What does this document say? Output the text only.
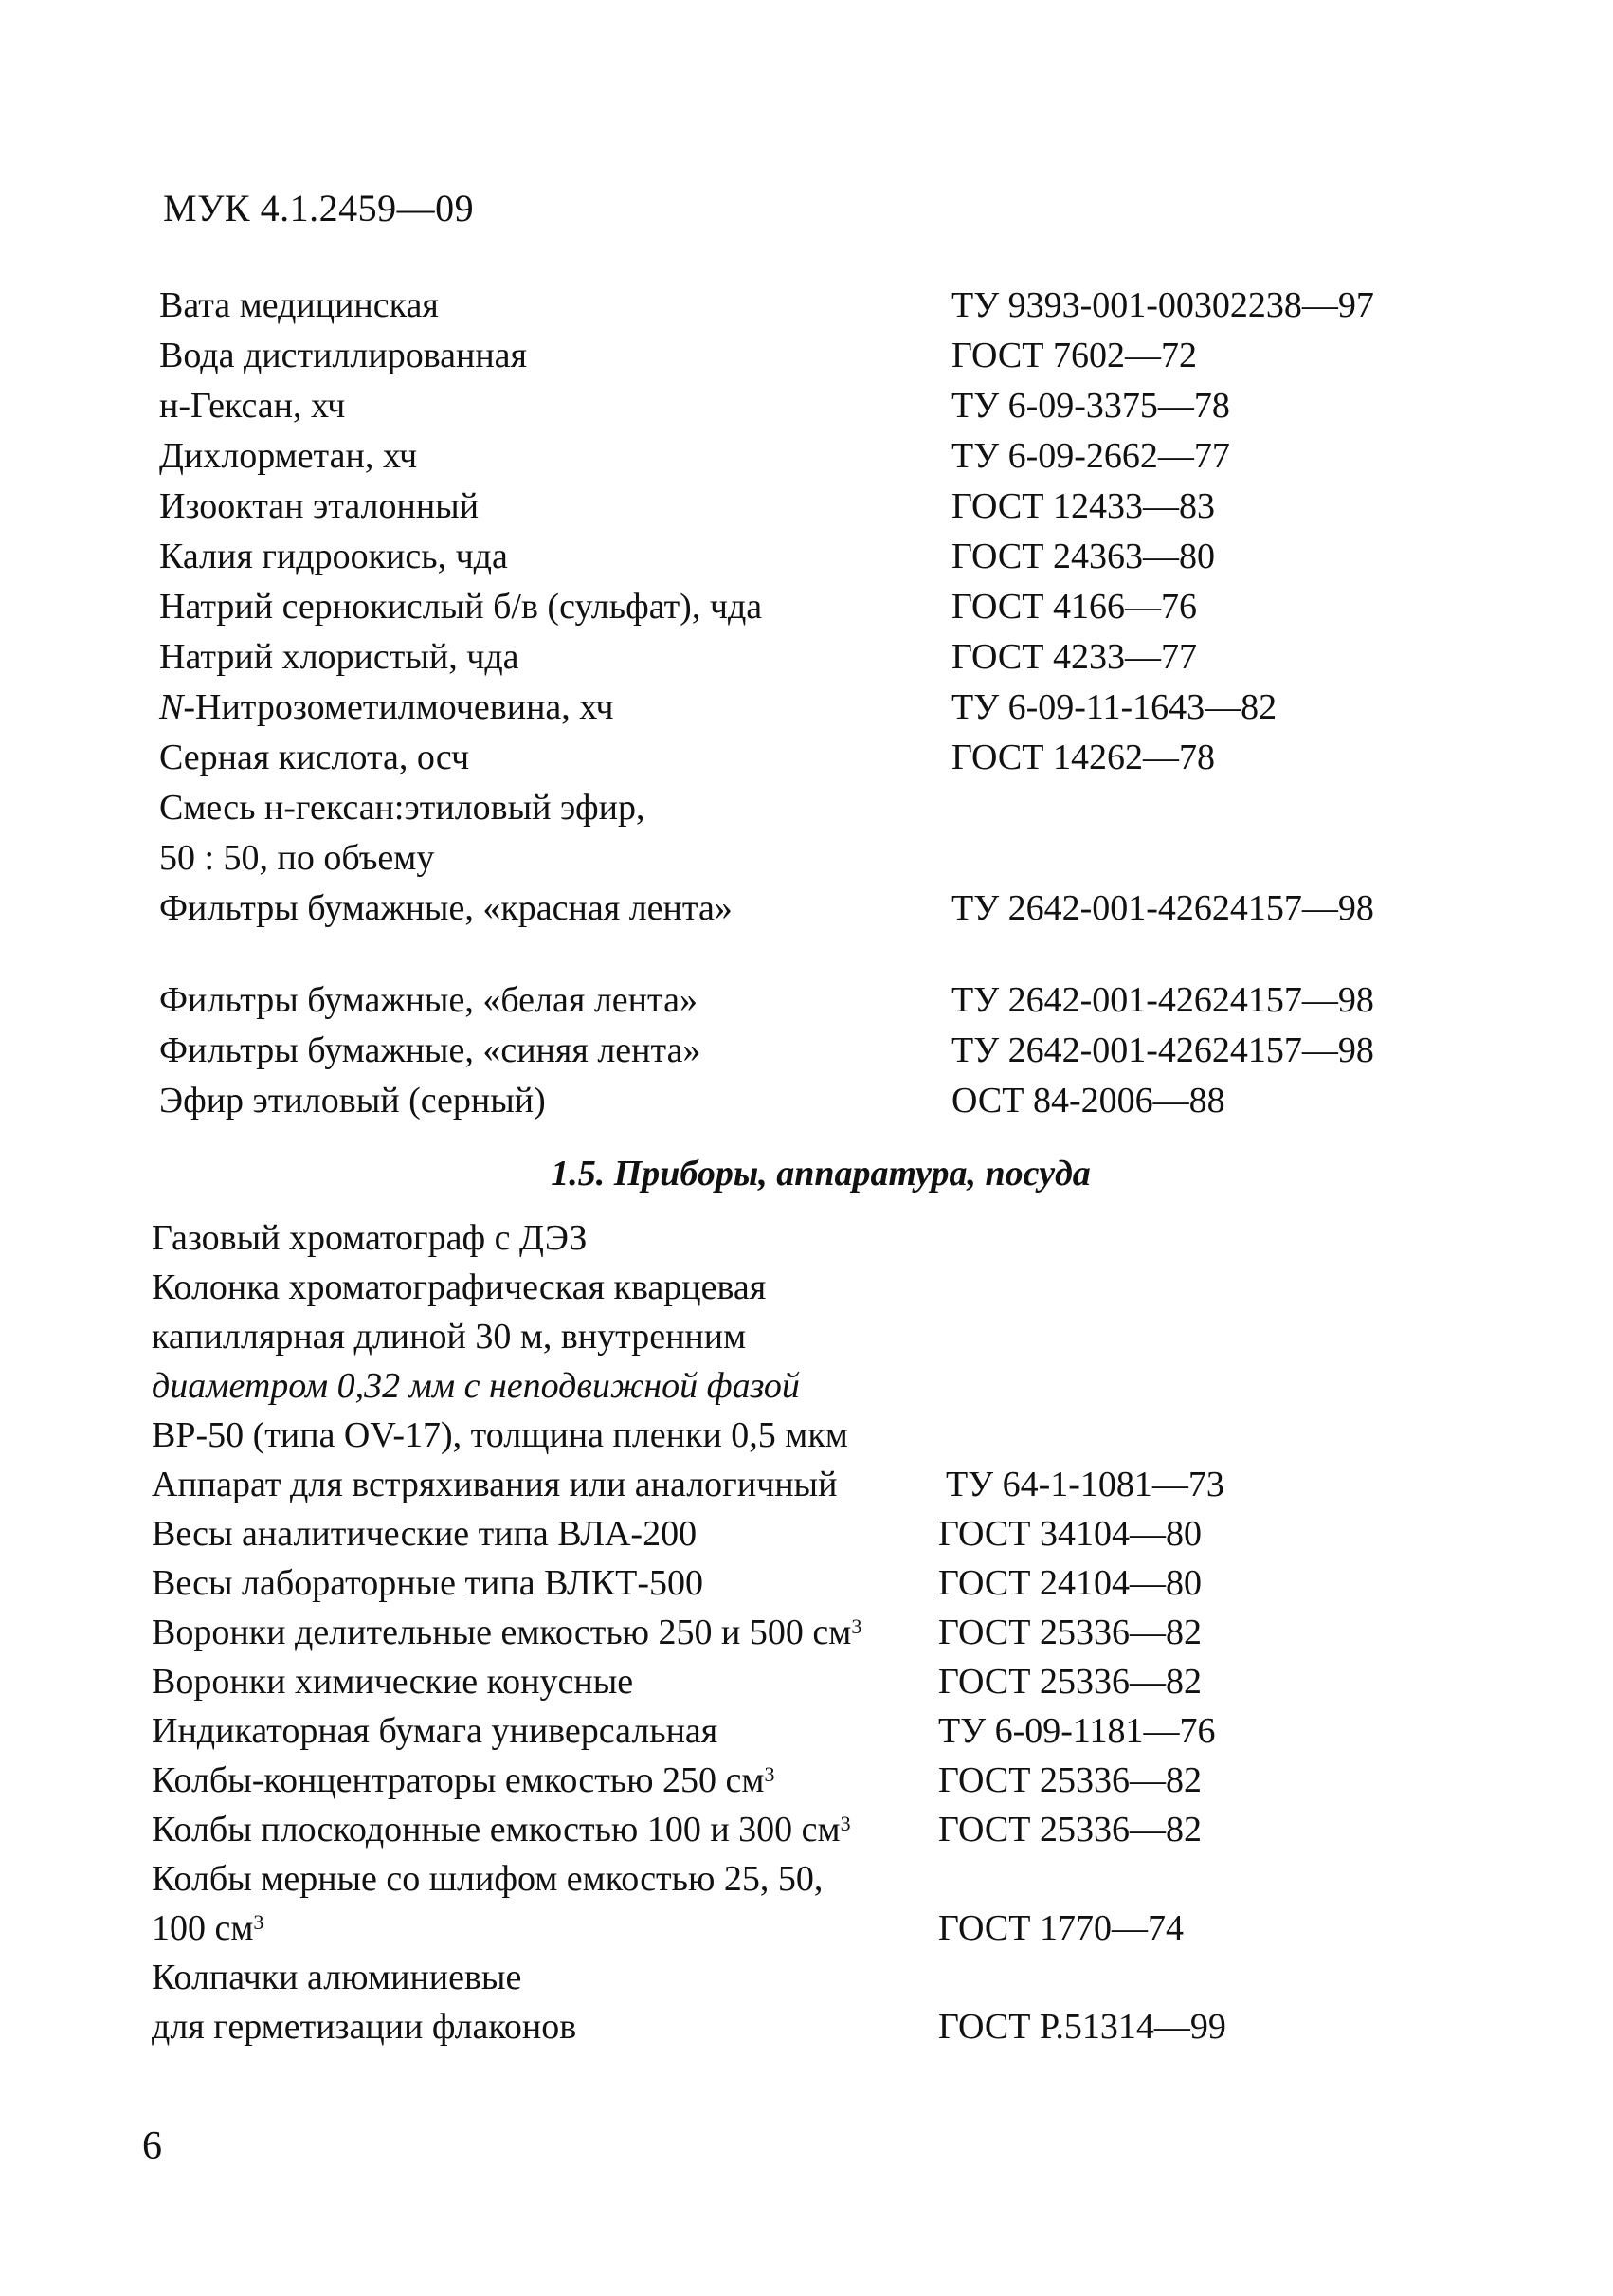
МУК 4.1.2459—09
Вата медицинская	ТУ 9393-001-00302238—97
Вода дистиллированная	ГОСТ 7602—72
н-Гексан, хч	ТУ 6-09-3375—78
Дихлорметан, хч	ТУ 6-09-2662—77
Изооктан эталонный	ГОСТ 12433—83
Калия гидроокись, чда	ГОСТ 24363—80
Натрий сернокислый б/в (сульфат), чда	ГОСТ 4166—76
Натрий хлористый, чда	ГОСТ 4233—77
N-Нитрозометилмочевина, хч	ТУ 6-09-11-1643—82
Серная кислота, осч	ГОСТ 14262—78
Смесь н-гексан:этиловый эфир,
50 : 50, по объему
Фильтры бумажные, «красная лента»	ТУ 2642-001-42624157—98
Фильтры бумажные, «белая лента»	ТУ 2642-001-42624157—98
Фильтры бумажные, «синяя лента»	ТУ 2642-001-42624157—98
Эфир этиловый (серный)	ОСТ 84-2006—88
1.5. Приборы, аппаратура, посуда
Газовый хроматограф с ДЭЗ
Колонка хроматографическая кварцевая
капиллярная длиной 30 м, внутренним
диаметром 0,32 мм с неподвижной фазой
ВР-50 (типа OV-17), толщина пленки 0,5 мкм
Аппарат для встряхивания или аналогичный	ТУ 64-1-1081—73
Весы аналитические типа ВЛА-200	ГОСТ 34104—80
Весы лабораторные типа ВЛКТ-500	ГОСТ 24104—80
Воронки делительные емкостью 250 и 500 $см^3$ ГОСТ 25336—82
Воронки химические конусные	ГОСТ 25336—82
Индикаторная бумага универсальная	ТУ 6-09-1181—76
Колбы-концентраторы емкостью 250 $см^3$	ГОСТ 25336—82
Колбы плоскодонные емкостью 100 и 300 $см^3$ ГОСТ 25336—82
Колбы мерные со шлифом емкостью 25, 50,
100 $см^3$	ГОСТ 1770—74
Колпачки алюминиевые
для герметизации флаконов	ГОСТ Р.51314—99
6
